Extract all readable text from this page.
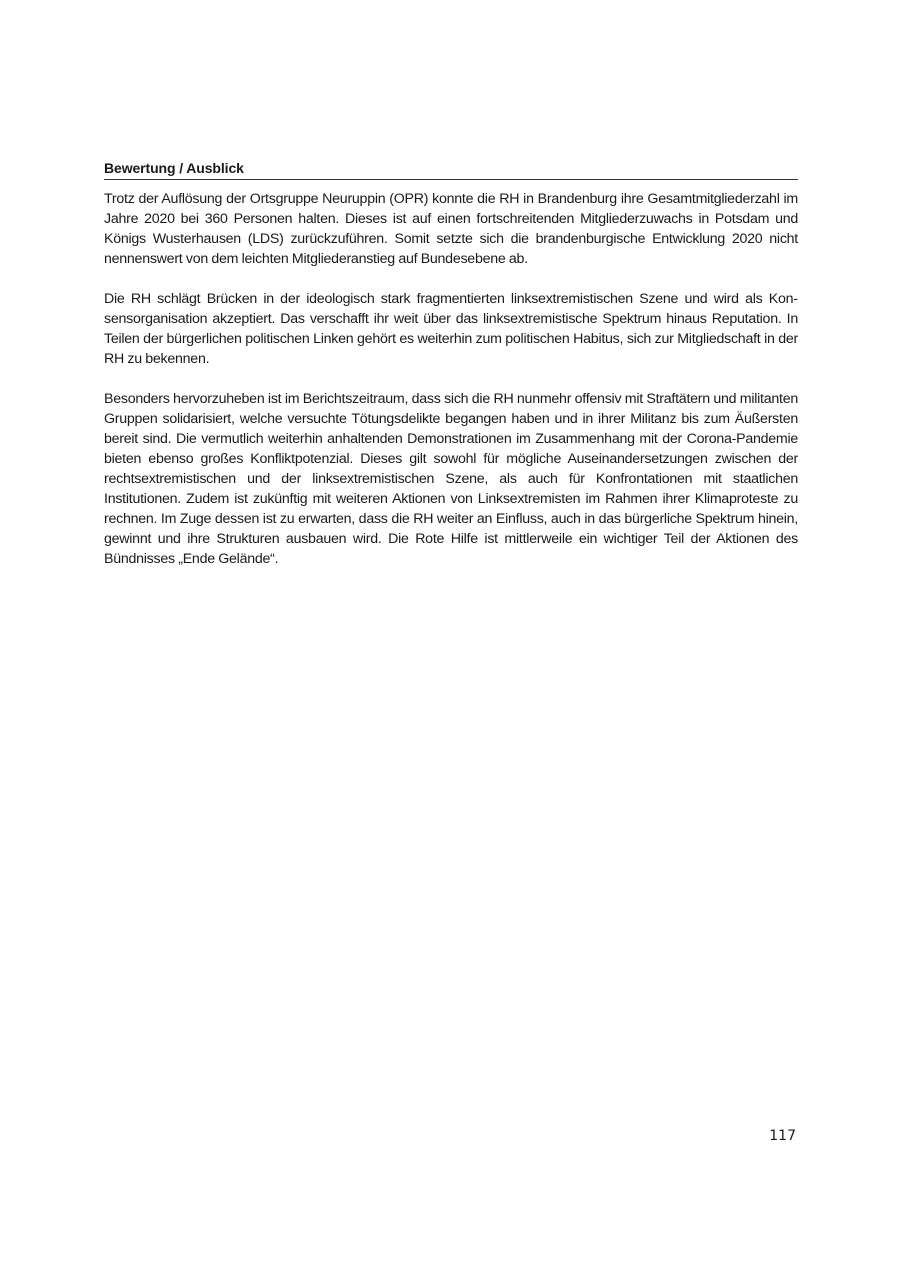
Bewertung / Ausblick

Trotz der Auflösung der Ortsgruppe Neuruppin (OPR) konnte die RH in Brandenburg ihre Gesamtmitgliederzahl im Jahre 2020 bei 360 Personen halten. Dieses ist auf einen fortschreitenden Mitgliederzuwachs in Potsdam und Königs Wusterhausen (LDS) zurückzuführen. Somit setzte sich die brandenburgische Entwicklung 2020 nicht nennenswert von dem leichten Mitgliederanstieg auf Bundesebene ab.

Die RH schlägt Brücken in der ideologisch stark fragmentierten linksextremistischen Szene und wird als Konsensorganisation akzeptiert. Das verschafft ihr weit über das linksextremistische Spektrum hinaus Reputation. In Teilen der bürgerlichen politischen Linken gehört es weiterhin zum politischen Habitus, sich zur Mitgliedschaft in der RH zu bekennen.

Besonders hervorzuheben ist im Berichtszeitraum, dass sich die RH nunmehr offensiv mit Straftätern und militanten Gruppen solidarisiert, welche versuchte Tötungsdelikte begangen haben und in ihrer Militanz bis zum Äußersten bereit sind. Die vermutlich weiterhin anhaltenden Demonstrationen im Zusammenhang mit der Corona-Pandemie bieten ebenso großes Konfliktpotenzial. Dieses gilt sowohl für mögliche Auseinandersetzungen zwischen der rechtsextremistischen und der linksextremistischen Szene, als auch für Konfrontationen mit staatlichen Institutionen. Zudem ist zukünftig mit weiteren Aktionen von Linksextremisten im Rahmen ihrer Klimaproteste zu rechnen. Im Zuge dessen ist zu erwarten, dass die RH weiter an Einfluss, auch in das bürgerliche Spektrum hinein, gewinnt und ihre Strukturen ausbauen wird. Die Rote Hilfe ist mittlerweile ein wichtiger Teil der Aktionen des Bündnisses „Ende Gelände“.

117
